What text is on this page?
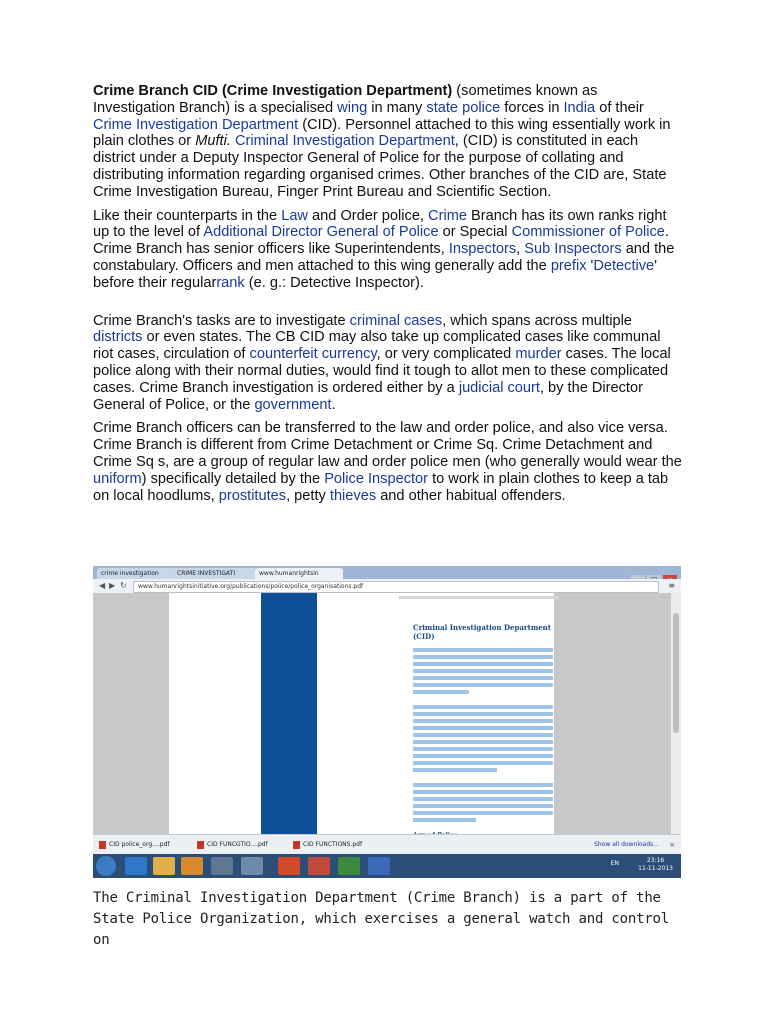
Crime Branch CID (Crime Investigation Department) (sometimes known as Investigation Branch) is a specialised wing in many state police forces in India of their Crime Investigation Department (CID). Personnel attached to this wing essentially work in plain clothes or Mufti. Criminal Investigation Department, (CID) is constituted in each district under a Deputy Inspector General of Police for the purpose of collating and distributing information regarding organised crimes. Other branches of the CID are, State Crime Investigation Bureau, Finger Print Bureau and Scientific Section.

Like their counterparts in the Law and Order police, Crime Branch has its own ranks right up to the level of Additional Director General of Police or Special Commissioner of Police. Crime Branch has senior officers like Superintendents, Inspectors, Sub Inspectors and the constabulary. Officers and men attached to this wing generally add the prefix 'Detective' before their regularrank (e. g.: Detective Inspector).

Crime Branch's tasks are to investigate criminal cases, which spans across multiple districts or even states. The CB CID may also take up complicated cases like communal riot cases, circulation of counterfeit currency, or very complicated murder cases. The local police along with their normal duties, would find it tough to allot men to these complicated cases. Crime Branch investigation is ordered either by a judicial court, by the Director General of Police, or the government.

Crime Branch officers can be transferred to the law and order police, and also vice versa. Crime Branch is different from Crime Detachment or Crime Sq. Crime Detachment and Crime Sq s, are a group of regular law and order police men (who generally would wear the uniform) specifically detailed by the Police Inspector to work in plain clothes to keep a tab on local hoodlums, prostitutes, petty thieves and other habitual offenders.

crime investigation	CRIME INVESTIGATI	www.humanrightsin
◀ ▶ ↻	www.humanrightsinitiative.org/publications/police/police_organisations.pdf	≡
Criminal Investigation Department (CID)
CID police_org....pdf	CID FUNCGTIO....pdf	CID FUNCTIONS.pdf	Show all downloads... ×
EN	23:16
11-11-2013

The Criminal Investigation Department (Crime Branch) is a part of the

State Police Organization, which exercises a general watch and control on
